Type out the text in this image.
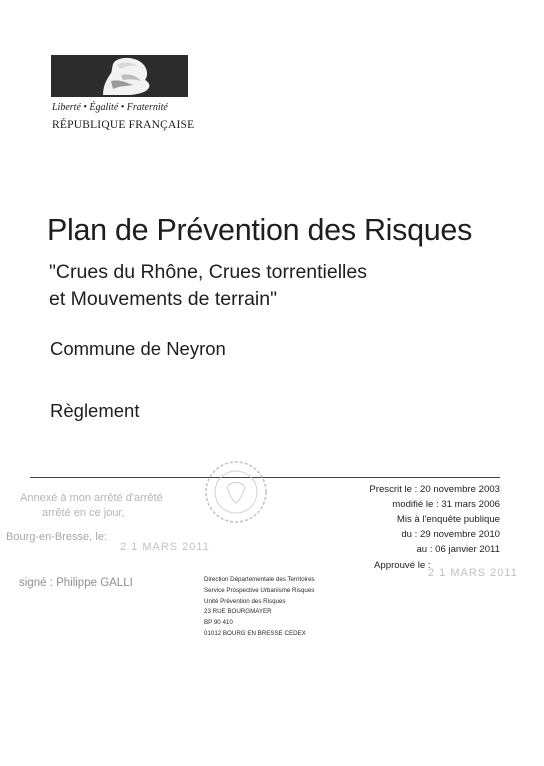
Liberté • Égalité • Fraternité
RÉPUBLIQUE FRANÇAISE
Plan de Prévention des Risques
"Crues du Rhône, Crues torrentielles
et Mouvements de terrain"
Commune de Neyron
Règlement
Annexé à mon arrêté d'arrêté
arrêté en ce jour,
Bourg-en-Bresse, le:
2 1 MARS 2011
signé : Philippe GALLI
Prescrit le : 20 novembre 2003
modifié le : 31 mars 2006
Mis à l'enquête publique
du : 29 novembre 2010
au : 06 janvier 2011
Approuvé le :
2 1 MARS 2011
Direction Départementale des Territoires
Service Prospective Urbanisme Risques
Unité Prévention des Risques
23 RUE BOURGMAYER
BP 90 410
01012 BOURG EN BRESSE CEDEX
